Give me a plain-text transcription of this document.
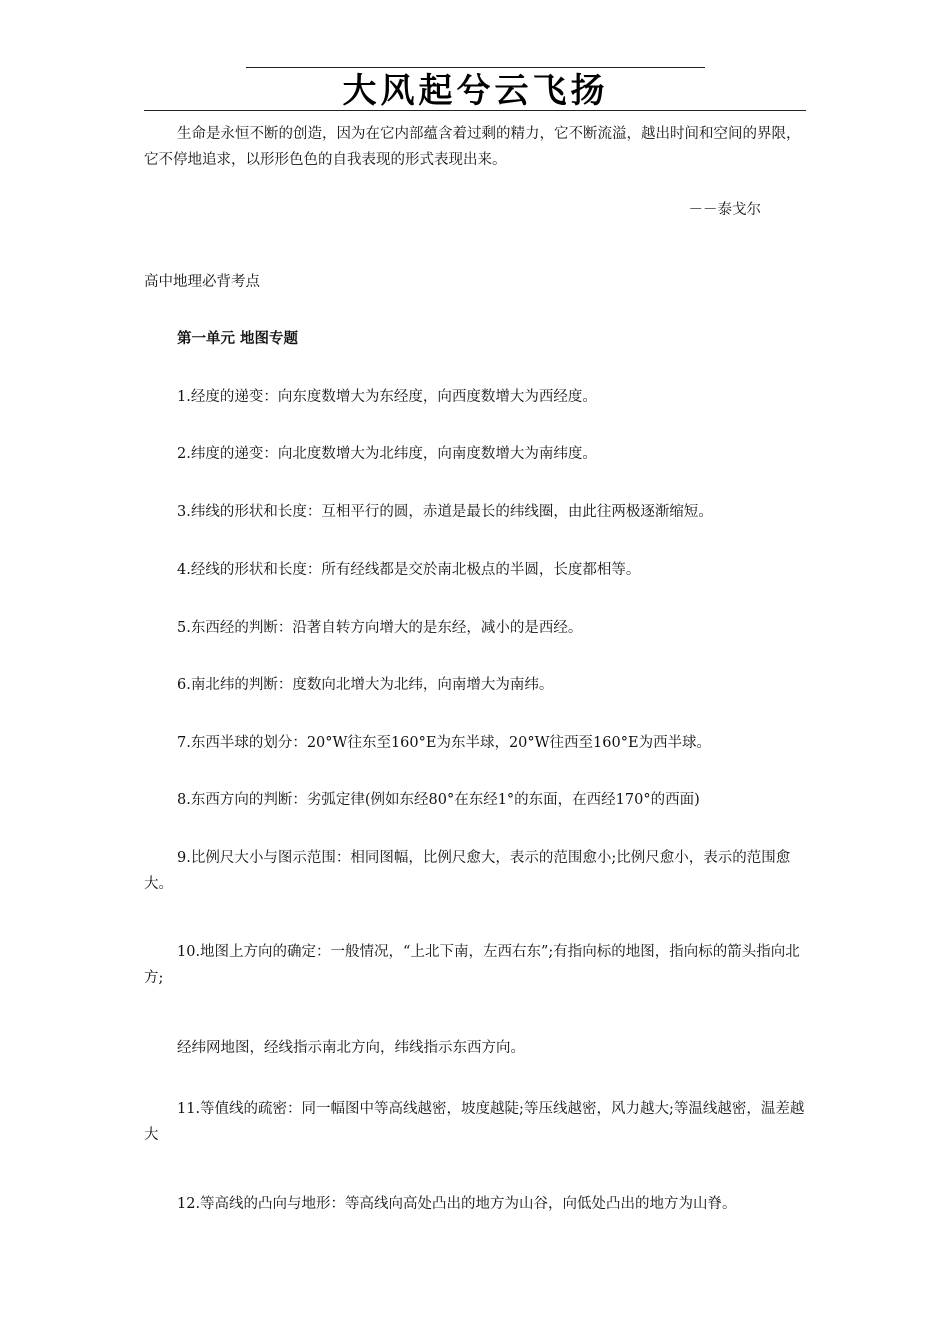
大风起兮云飞扬
生命是永恒不断的创造，因为在它内部蕴含着过剩的精力，它不断流溢，越出时间和空间的界限，它不停地追求，以形形色色的自我表现的形式表现出来。
－－泰戈尔
高中地理必背考点
第一单元 地图专题
1.经度的递变：向东度数增大为东经度，向西度数增大为西经度。
2.纬度的递变：向北度数增大为北纬度，向南度数增大为南纬度。
3.纬线的形状和长度：互相平行的圆，赤道是最长的纬线圈，由此往两极逐渐缩短。
4.经线的形状和长度：所有经线都是交於南北极点的半圆，长度都相等。
5.东西经的判断：沿著自转方向增大的是东经，减小的是西经。
6.南北纬的判断：度数向北增大为北纬，向南增大为南纬。
7.东西半球的划分：20°W往东至160°E为东半球，20°W往西至160°E为西半球。
8.东西方向的判断：劣弧定律(例如东经80°在东经1°的东面，在西经170°的西面)
9.比例尺大小与图示范围：相同图幅，比例尺愈大，表示的范围愈小;比例尺愈小，表示的范围愈大。
10.地图上方向的确定：一般情况，“上北下南，左西右东”;有指向标的地图，指向标的箭头指向北方;
经纬网地图，经线指示南北方向，纬线指示东西方向。
11.等值线的疏密：同一幅图中等高线越密，坡度越陡;等压线越密，风力越大;等温线越密，温差越大
12.等高线的凸向与地形：等高线向高处凸出的地方为山谷，向低处凸出的地方为山脊。
